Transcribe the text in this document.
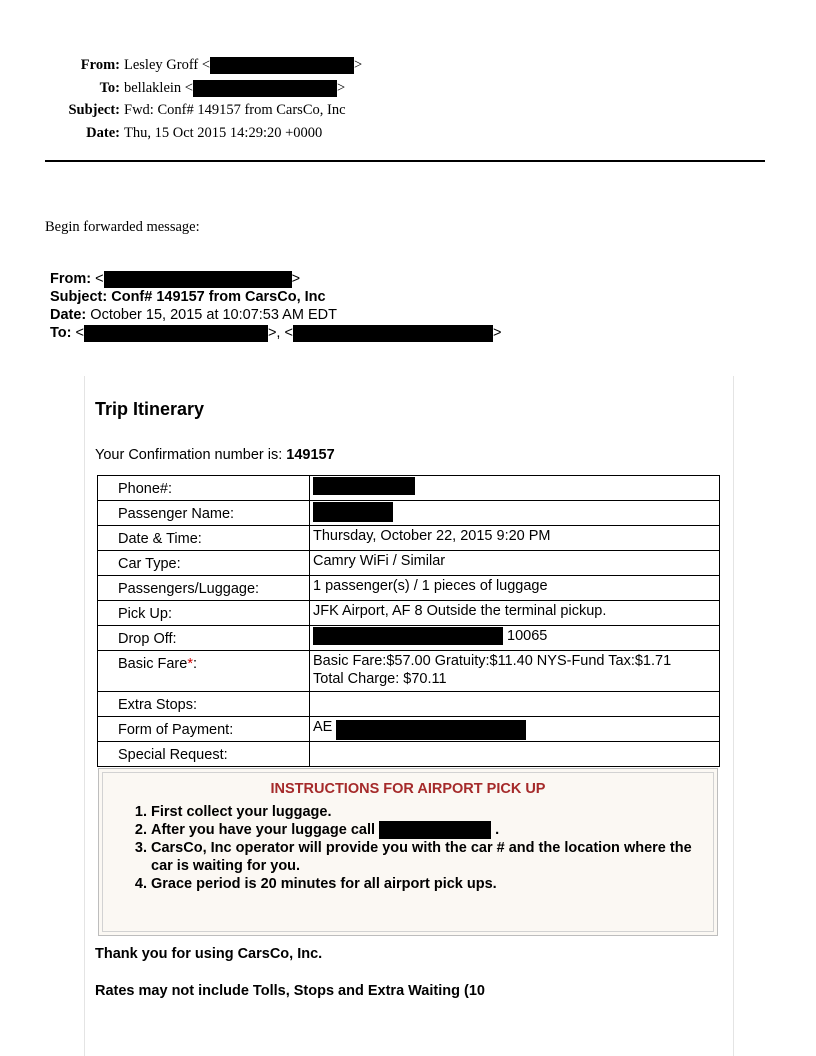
From: Lesley Groff <	>
To: bellaklein <	>
Subject: Fwd: Conf# 149157 from CarsCo, Inc
Date: Thu, 15 Oct 2015 14:29:20 +0000
Begin forwarded message:
From: <	>
Subject: Conf# 149157 from CarsCo, Inc
Date: October 15, 2015 at 10:07:53 AM EDT
To: <	>, <	>
Trip Itinerary
Your Confirmation number is: 149157
Phone#:	
Passenger Name:	
Date & Time:	Thursday, October 22, 2015 9:20 PM
Car Type:	Camry WiFi / Similar
Passengers/Luggage:	1 passenger(s) / 1 pieces of luggage
Pick Up:	JFK Airport, AF 8 Outside the terminal pickup.
Drop Off:	10065
Basic Fare*:	Basic Fare:$57.00 Gratuity:$11.40 NYS-Fund Tax:$1.71
Total Charge: $70.11

Extra Stops:	
Form of Payment:	AE
Special Request:	
INSTRUCTIONS FOR AIRPORT PICK UP
1. First collect your luggage.
2. After you have your luggage call	.
3. CarsCo, Inc operator will provide you with the car # and the location where the car is waiting for you.
4. Grace period is 20 minutes for all airport pick ups.
Thank you for using CarsCo, Inc.
Rates may not include Tolls, Stops and Extra Waiting (10
